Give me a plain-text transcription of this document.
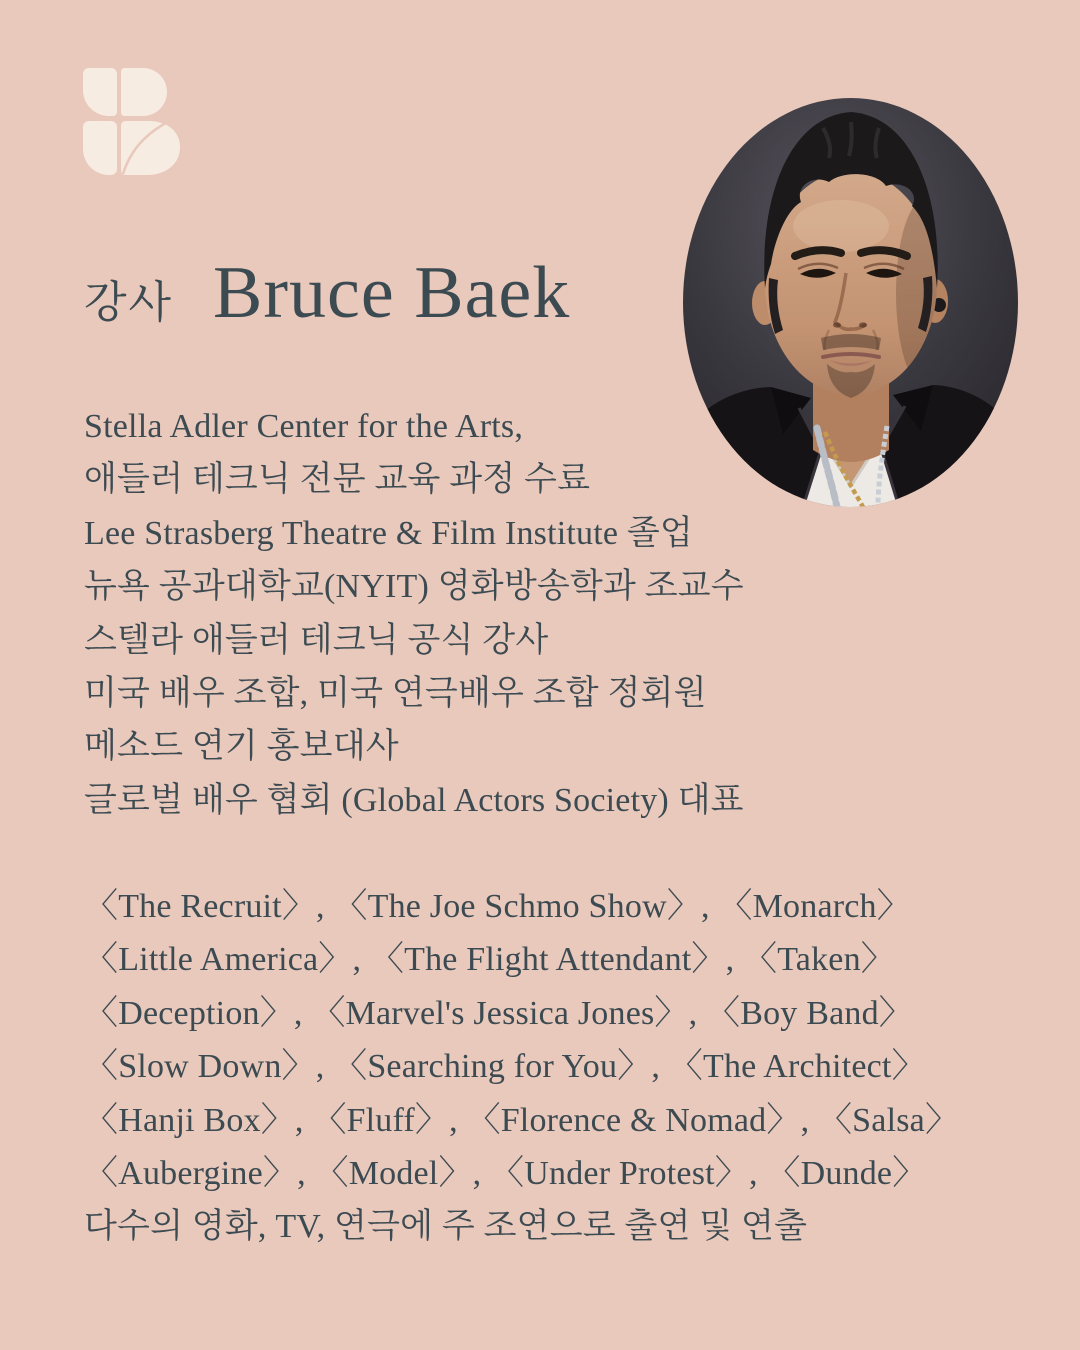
강사 Bruce Baek
Stella Adler Center for the Arts,
애들러 테크닉 전문 교육 과정 수료
Lee Strasberg Theatre & Film Institute 졸업
뉴욕 공과대학교(NYIT) 영화방송학과 조교수
스텔라 애들러 테크닉 공식 강사
미국 배우 조합, 미국 연극배우 조합 정회원
메소드 연기 홍보대사
글로벌 배우 협회 (Global Actors Society) 대표
〈The Recruit〉, 〈The Joe Schmo Show〉, 〈Monarch〉
〈Little America〉, 〈The Flight Attendant〉, 〈Taken〉
〈Deception〉, 〈Marvel's Jessica Jones〉, 〈Boy Band〉
〈Slow Down〉, 〈Searching for You〉, 〈The Architect〉
〈Hanji Box〉, 〈Fluff〉, 〈Florence & Nomad〉, 〈Salsa〉
〈Aubergine〉, 〈Model〉, 〈Under Protest〉, 〈Dunde〉
다수의 영화, TV, 연극에 주 조연으로 출연 및 연출
